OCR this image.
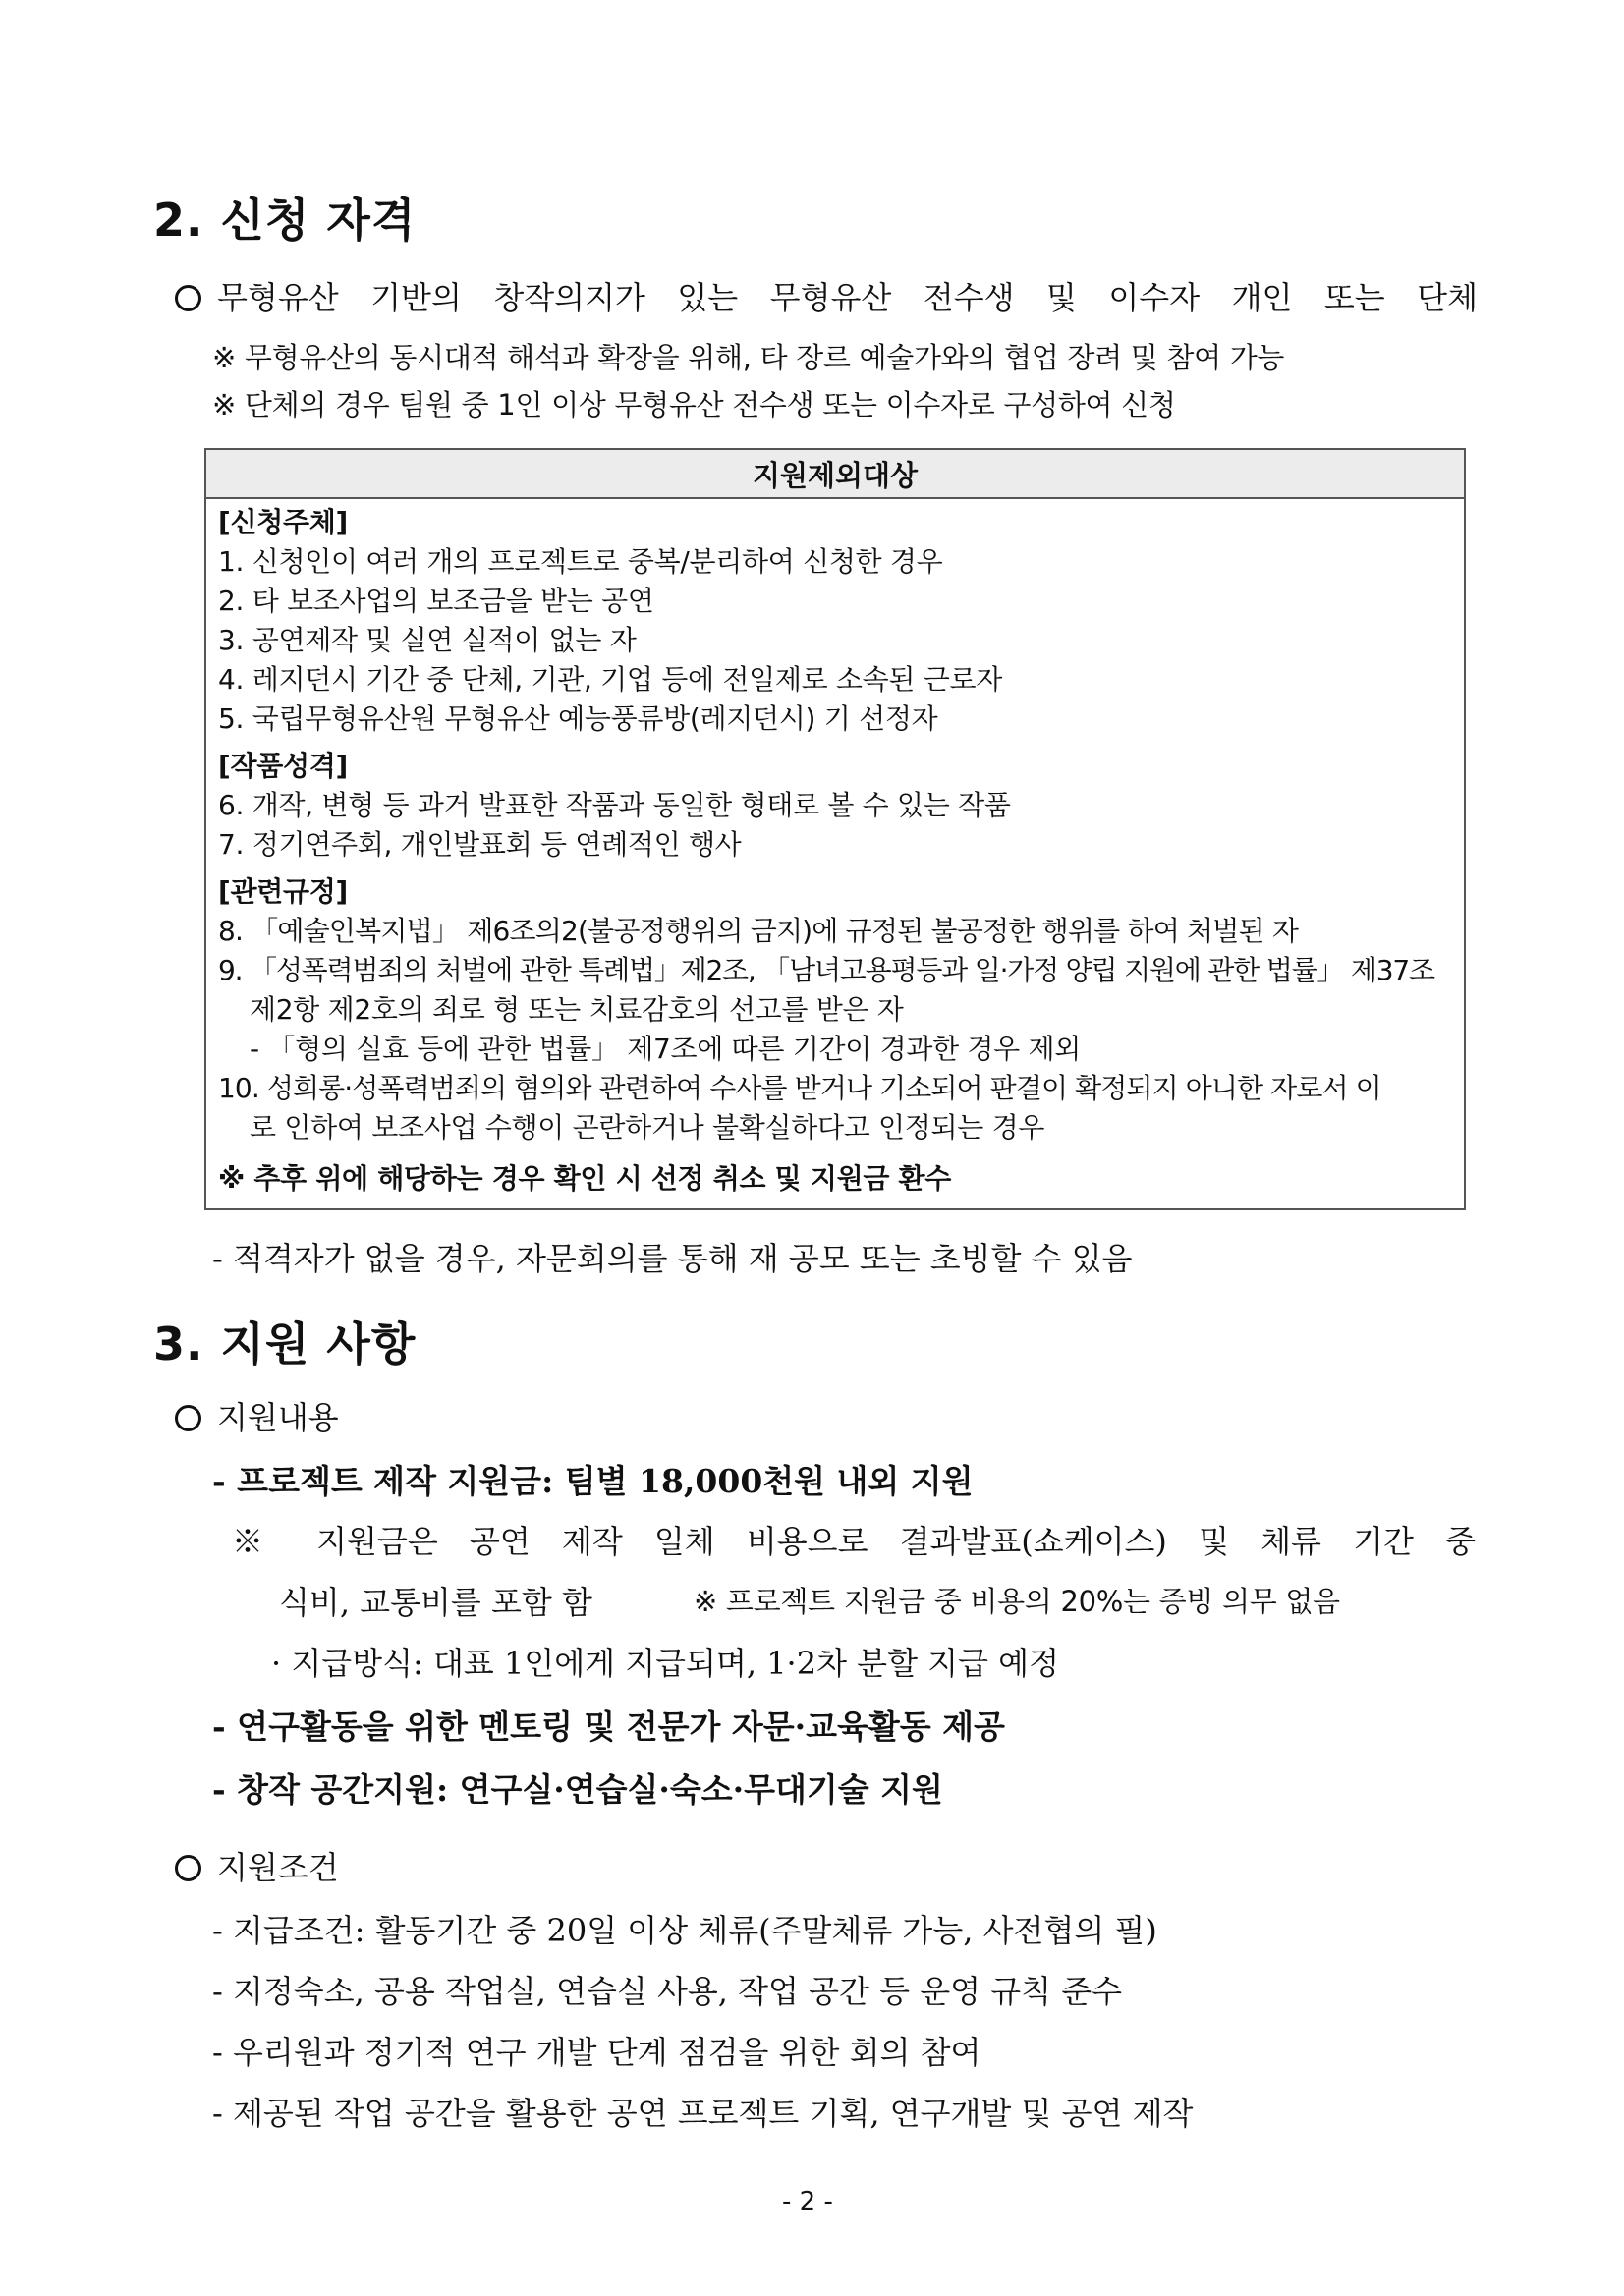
2. 신청 자격
무형유산 기반의 창작의지가 있는 무형유산 전수생 및 이수자 개인 또는 단체
※ 무형유산의 동시대적 해석과 확장을 위해, 타 장르 예술가와의 협업 장려 및 참여 가능
※ 단체의 경우 팀원 중 1인 이상 무형유산 전수생 또는 이수자로 구성하여 신청
지원제외대상
[신청주체]
1. 신청인이 여러 개의 프로젝트로 중복/분리하여 신청한 경우
2. 타 보조사업의 보조금을 받는 공연
3. 공연제작 및 실연 실적이 없는 자
4. 레지던시 기간 중 단체, 기관, 기업 등에 전일제로 소속된 근로자
5. 국립무형유산원 무형유산 예능풍류방(레지던시) 기 선정자
[작품성격]
6. 개작, 변형 등 과거 발표한 작품과 동일한 형태로 볼 수 있는 작품
7. 정기연주회, 개인발표회 등 연례적인 행사
[관련규정]
8. 「예술인복지법」 제6조의2(불공정행위의 금지)에 규정된 불공정한 행위를 하여 처벌된 자
9. 「성폭력범죄의 처벌에 관한 특례법」제2조, 「남녀고용평등과 일·가정 양립 지원에 관한 법률」 제37조
제2항 제2호의 죄로 형 또는 치료감호의 선고를 받은 자
- 「형의 실효 등에 관한 법률」 제7조에 따른 기간이 경과한 경우 제외
10. 성희롱·성폭력범죄의 혐의와 관련하여 수사를 받거나 기소되어 판결이 확정되지 아니한 자로서 이
로 인하여 보조사업 수행이 곤란하거나 불확실하다고 인정되는 경우
※ 추후 위에 해당하는 경우 확인 시 선정 취소 및 지원금 환수
- 적격자가 없을 경우, 자문회의를 통해 재 공모 또는 초빙할 수 있음
3. 지원 사항
지원내용
- 프로젝트 제작 지원금: 팀별 18,000천원 내외 지원
※ 지원금은 공연 제작 일체 비용으로 결과발표(쇼케이스) 및 체류 기간 중
식비, 교통비를 포함 함	※ 프로젝트 지원금 중 비용의 20%는 증빙 의무 없음
· 지급방식: 대표 1인에게 지급되며, 1·2차 분할 지급 예정
- 연구활동을 위한 멘토링 및 전문가 자문·교육활동 제공
- 창작 공간지원: 연구실·연습실·숙소·무대기술 지원
지원조건
- 지급조건: 활동기간 중 20일 이상 체류(주말체류 가능, 사전협의 필)
- 지정숙소, 공용 작업실, 연습실 사용, 작업 공간 등 운영 규칙 준수
- 우리원과 정기적 연구 개발 단계 점검을 위한 회의 참여
- 제공된 작업 공간을 활용한 공연 프로젝트 기획, 연구개발 및 공연 제작
- 2 -
